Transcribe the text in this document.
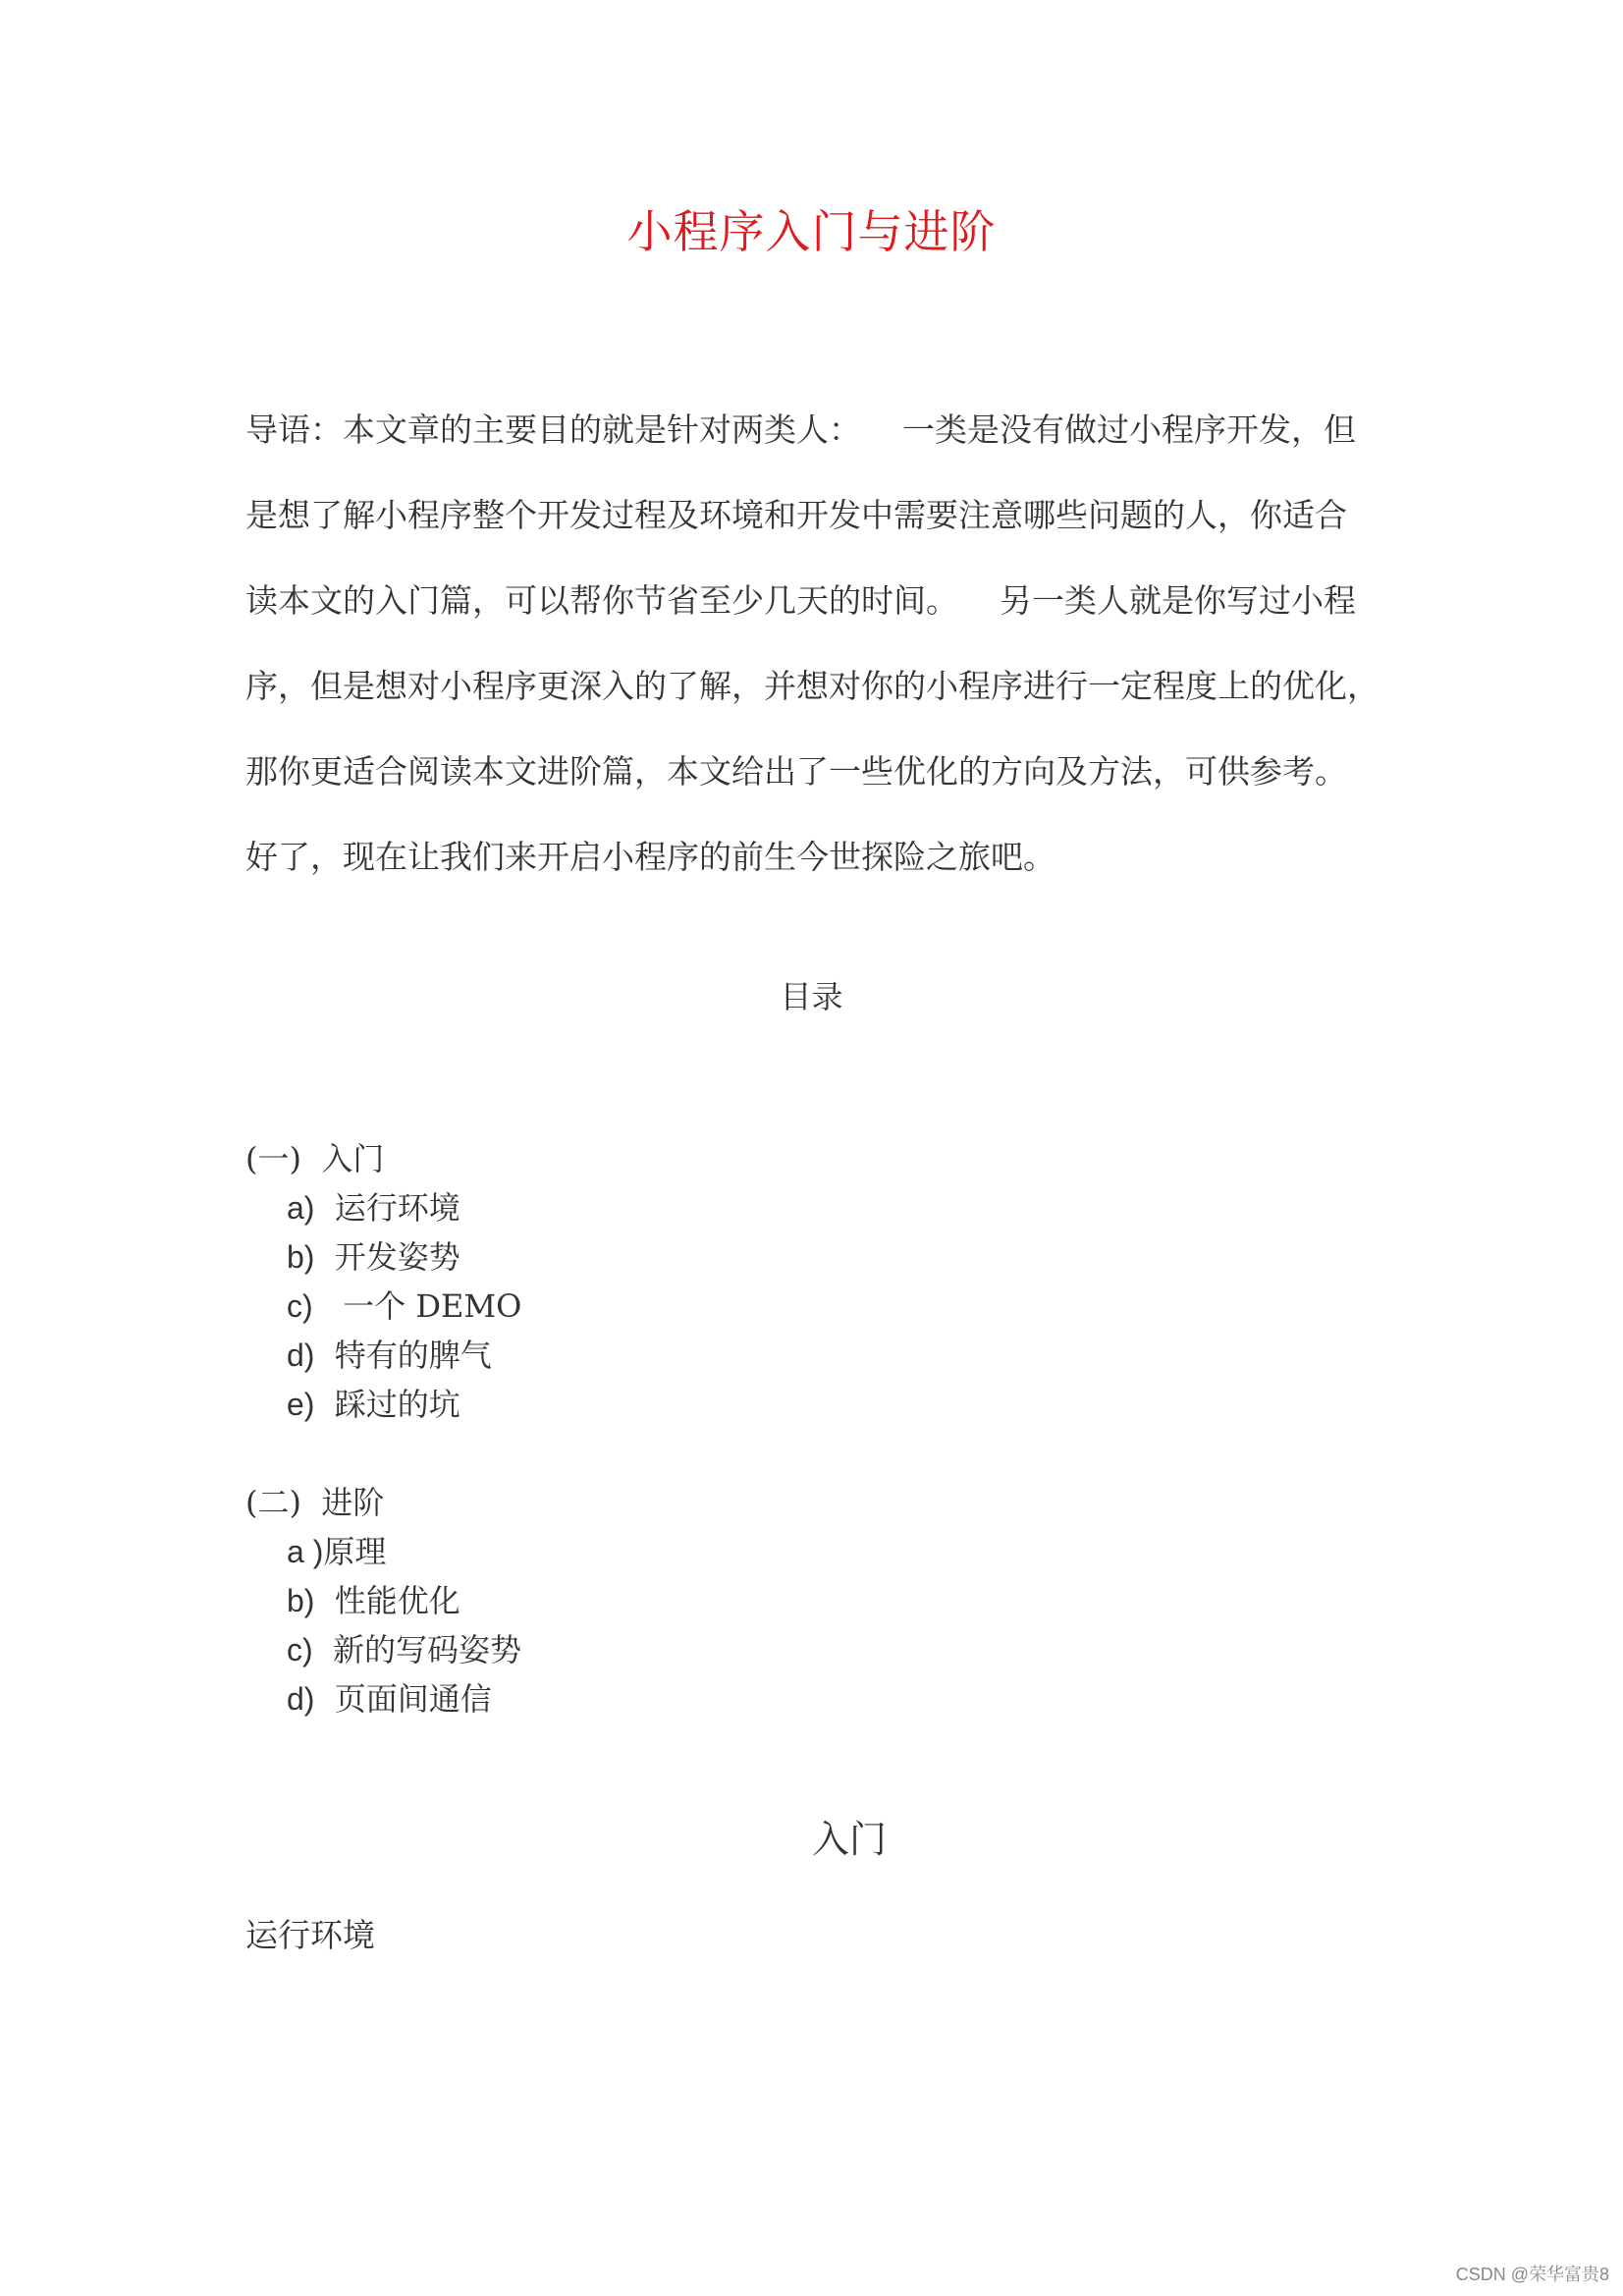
小程序入门与进阶
导语：本文章的主要目的就是针对两类人：    一类是没有做过小程序开发，但
是想了解小程序整个开发过程及环境和开发中需要注意哪些问题的人，你适合
读本文的入门篇，可以帮你节省至少几天的时间。    另一类人就是你写过小程
序，但是想对小程序更深入的了解，并想对你的小程序进行一定程度上的优化，
那你更适合阅读本文进阶篇，本文给出了一些优化的方向及方法，可供参考。
好了，现在让我们来开启小程序的前生今世探险之旅吧。
目录
(一)  入门
a) 运行环境
b) 开发姿势
c)   一个 DEMO
d) 特有的脾气
e) 踩过的坑
(二)  进阶
a )原理
b) 性能优化
c) 新的写码姿势
d) 页面间通信
入门
运行环境
CSDN @荣华富贵8
